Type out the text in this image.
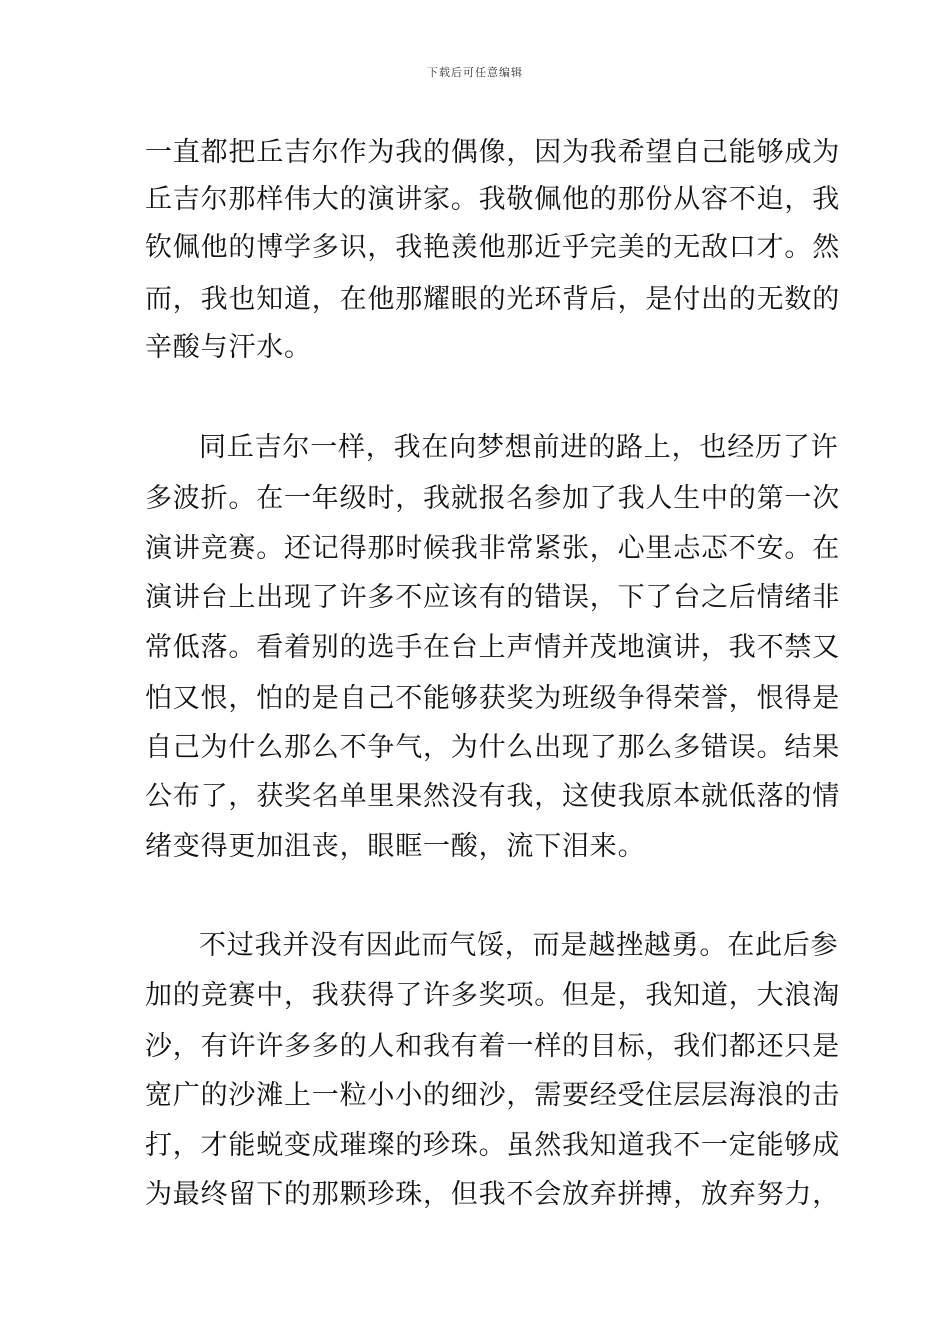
下载后可任意编辑
一直都把丘吉尔作为我的偶像，因为我希望自己能够成为
丘吉尔那样伟大的演讲家。我敬佩他的那份从容不迫，我
钦佩他的博学多识，我艳羡他那近乎完美的无敌口才。然
而，我也知道，在他那耀眼的光环背后，是付出的无数的
辛酸与汗水。
同丘吉尔一样，我在向梦想前进的路上，也经历了许
多波折。在一年级时，我就报名参加了我人生中的第一次
演讲竞赛。还记得那时候我非常紧张，心里忐忑不安。在
演讲台上出现了许多不应该有的错误，下了台之后情绪非
常低落。看着别的选手在台上声情并茂地演讲，我不禁又
怕又恨，怕的是自己不能够获奖为班级争得荣誉，恨得是
自己为什么那么不争气，为什么出现了那么多错误。结果
公布了，获奖名单里果然没有我，这使我原本就低落的情
绪变得更加沮丧，眼眶一酸，流下泪来。
不过我并没有因此而气馁，而是越挫越勇。在此后参
加的竞赛中，我获得了许多奖项。但是，我知道，大浪淘
沙，有许许多多的人和我有着一样的目标，我们都还只是
宽广的沙滩上一粒小小的细沙，需要经受住层层海浪的击
打，才能蜕变成璀璨的珍珠。虽然我知道我不一定能够成
为最终留下的那颗珍珠，但我不会放弃拼搏，放弃努力，
